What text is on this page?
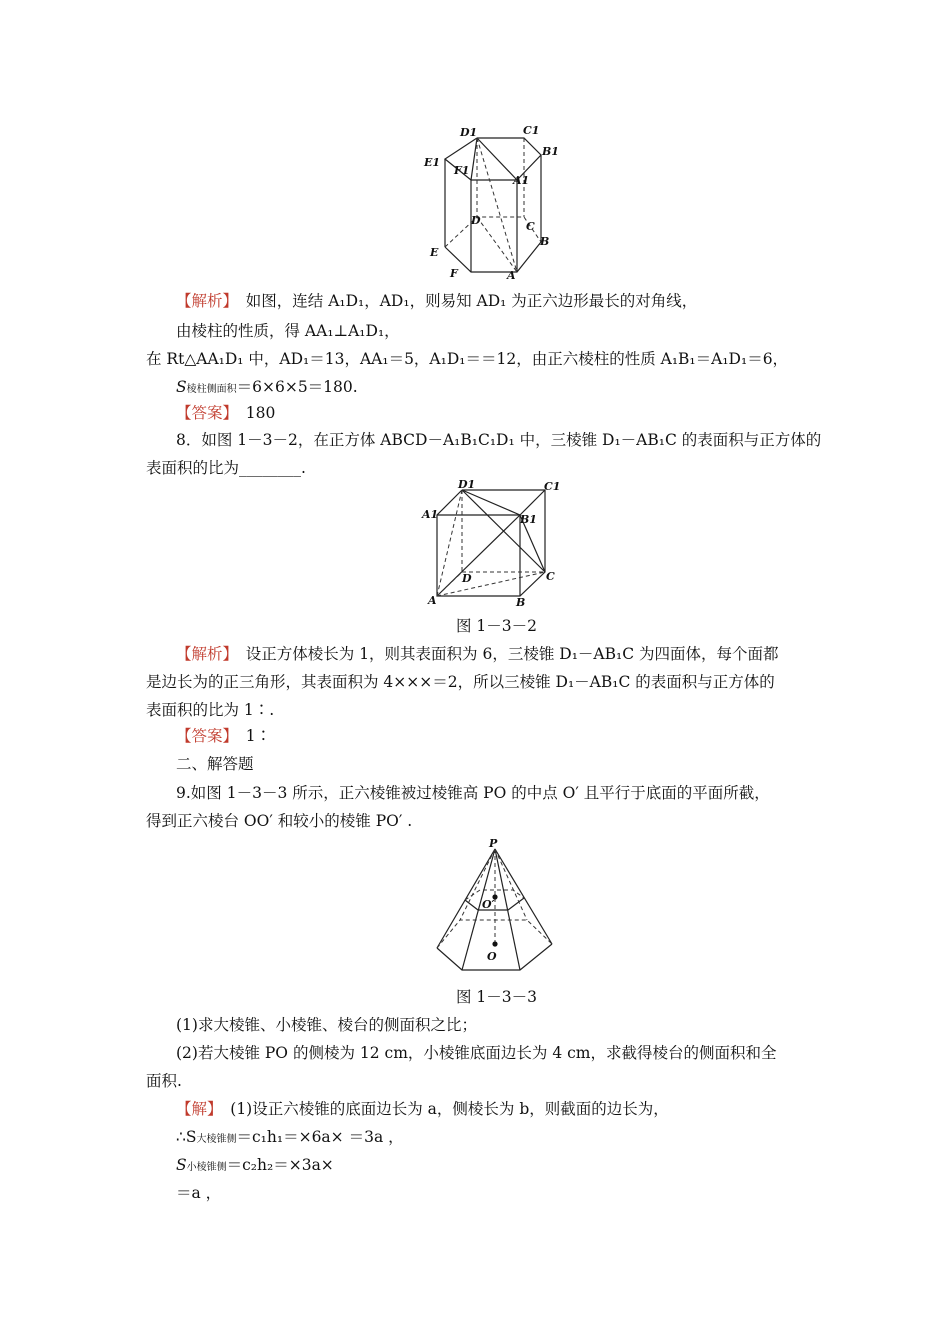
D1	C1
E1
B1
F1
A1
D	C
E
B
F	A
【解析】　如图，连结 A₁D₁，AD₁，则易知 AD₁ 为正六边形最长的对角线，
由棱柱的性质，得 AA₁⊥A₁D₁，
在 Rt△AA₁D₁ 中，AD₁＝13，AA₁＝5，A₁D₁＝＝12，由正六棱柱的性质 A₁B₁＝A₁D₁＝6，
S棱柱侧面积＝6×6×5＝180.
【答案】　180
8．如图 1－3－2，在正方体 ABCD－A₁B₁C₁D₁ 中，三棱锥 D₁－AB₁C 的表面积与正方体的
表面积的比为________.
D1	C1
A1	B1
D	C
A	B
图 1－3－2
【解析】　设正方体棱长为 1，则其表面积为 6，三棱锥 D₁－AB₁C 为四面体，每个面都
是边长为的正三角形，其表面积为 4×××＝2，所以三棱锥 D₁－AB₁C 的表面积与正方体的
表面积的比为 1∶.
【答案】　1∶
二、解答题
9.如图 1－3－3 所示，正六棱锥被过棱锥高 PO 的中点 O′ 且平行于底面的平面所截，
得到正六棱台 OO′ 和较小的棱锥 PO′ .
P
O′
O
图 1－3－3
(1)求大棱锥、小棱锥、棱台的侧面积之比；
(2)若大棱锥 PO 的侧棱为 12 cm，小棱锥底面边长为 4 cm，求截得棱台的侧面积和全
面积.
【解】　(1)设正六棱锥的底面边长为 a，侧棱长为 b，则截面的边长为，
∴S大棱锥侧＝c₁h₁＝×6a× ＝3a ，
S小棱锥侧＝c₂h₂＝×3a×
＝a ，
